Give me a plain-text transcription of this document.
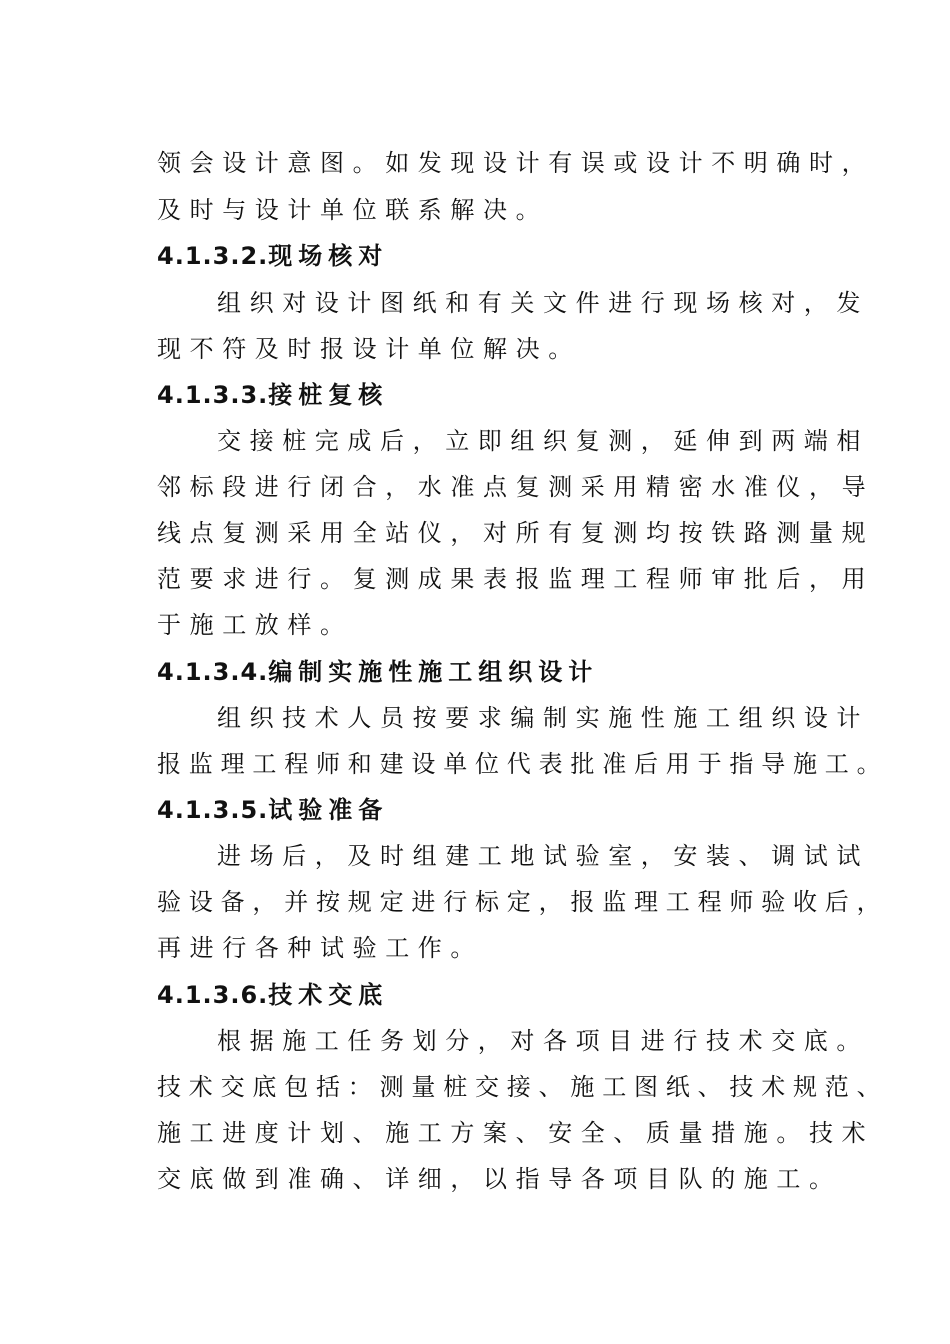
领会设计意图。如发现设计有误或设计不明确时，
及时与设计单位联系解决。
4.1.3.2.现场核对
组织对设计图纸和有关文件进行现场核对，发
现不符及时报设计单位解决。
4.1.3.3.接桩复核
交接桩完成后，立即组织复测，延伸到两端相
邻标段进行闭合，水准点复测采用精密水准仪，导
线点复测采用全站仪，对所有复测均按铁路测量规
范要求进行。复测成果表报监理工程师审批后，用
于施工放样。
4.1.3.4.编制实施性施工组织设计
组织技术人员按要求编制实施性施工组织设计
报监理工程师和建设单位代表批准后用于指导施工。
4.1.3.5.试验准备
进场后，及时组建工地试验室，安装、调试试
验设备，并按规定进行标定，报监理工程师验收后，
再进行各种试验工作。
4.1.3.6.技术交底
根据施工任务划分，对各项目进行技术交底。
技术交底包括：测量桩交接、施工图纸、技术规范、
施工进度计划、施工方案、安全、质量措施。技术
交底做到准确、详细，以指导各项目队的施工。
